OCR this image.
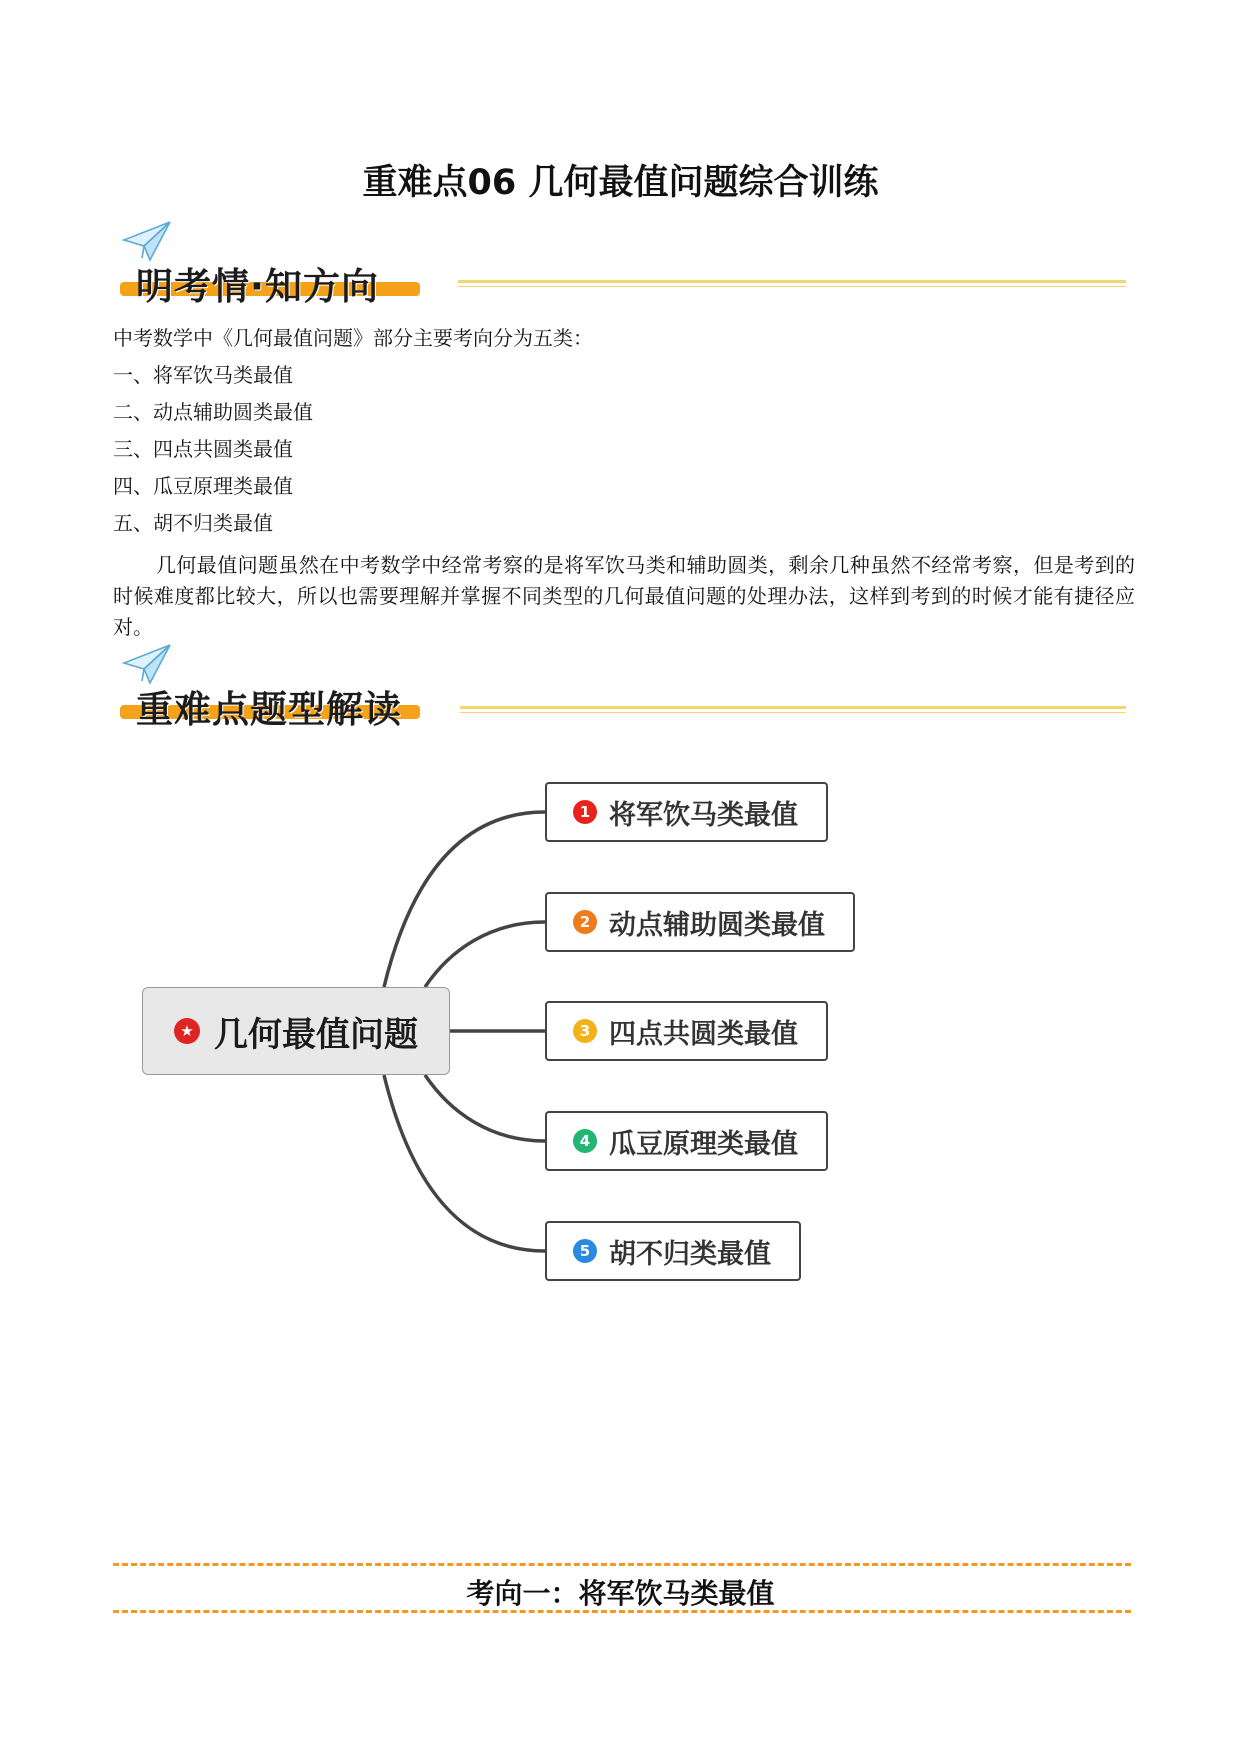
重难点06 几何最值问题综合训练
明考情·知方向
中考数学中《几何最值问题》部分主要考向分为五类：
一、将军饮马类最值
二、动点辅助圆类最值
三、四点共圆类最值
四、瓜豆原理类最值
五、胡不归类最值
几何最值问题虽然在中考数学中经常考察的是将军饮马类和辅助圆类，剩余几种虽然不经常考察，但是考到的时候难度都比较大，所以也需要理解并掌握不同类型的几何最值问题的处理办法，这样到考到的时候才能有捷径应对。
重难点题型解读
★ 几何最值问题
1 将军饮马类最值
2 动点辅助圆类最值
3 四点共圆类最值
4 瓜豆原理类最值
5 胡不归类最值
考向一：将军饮马类最值
